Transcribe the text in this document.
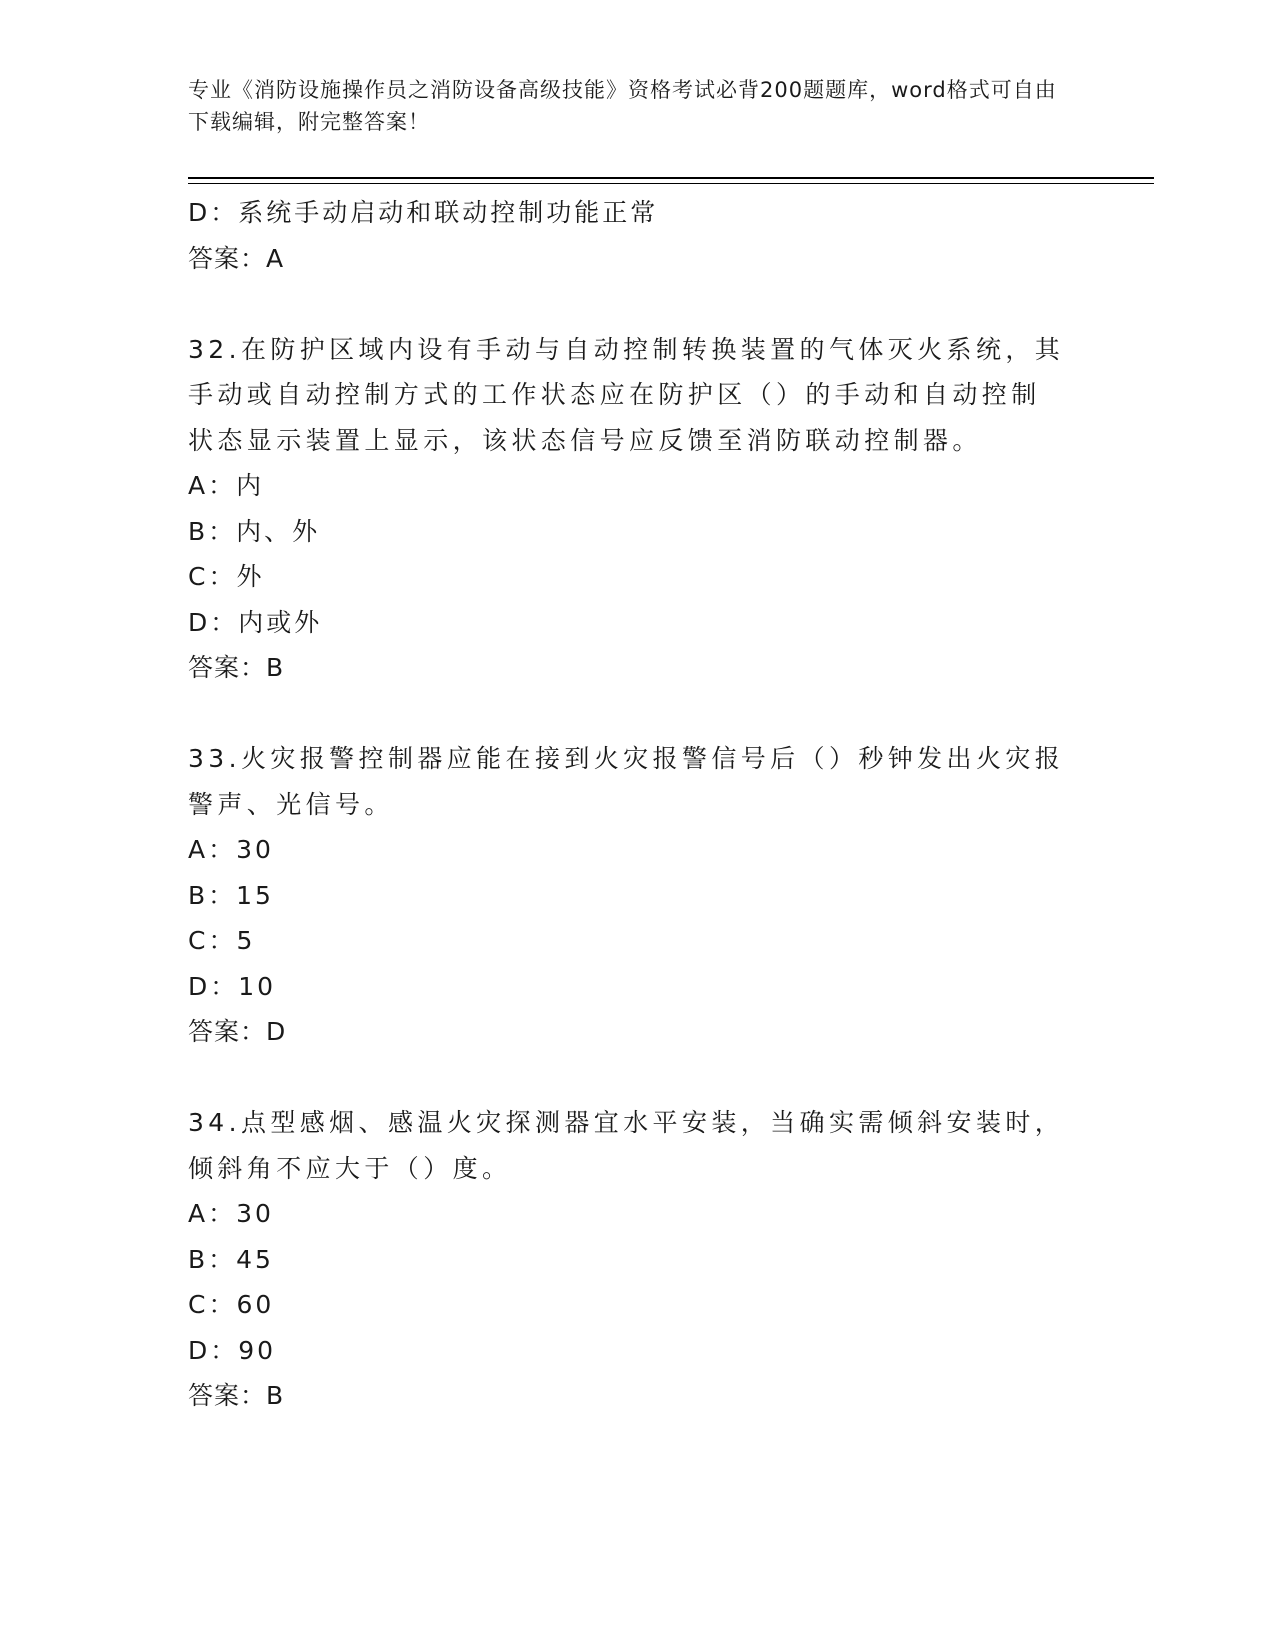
专业《消防设施操作员之消防设备高级技能》资格考试必背200题题库，word格式可自由下载编辑，附完整答案！
D：系统手动启动和联动控制功能正常
答案：A
32.在防护区域内设有手动与自动控制转换装置的气体灭火系统，其手动或自动控制方式的工作状态应在防护区（）的手动和自动控制状态显示装置上显示，该状态信号应反馈至消防联动控制器。
A：内
B：内、外
C：外
D：内或外
答案：B
33.火灾报警控制器应能在接到火灾报警信号后（）秒钟发出火灾报警声、光信号。
A：30
B：15
C：5
D：10
答案：D
34.点型感烟、感温火灾探测器宜水平安装，当确实需倾斜安装时，倾斜角不应大于（）度。
A：30
B：45
C：60
D：90
答案：B
